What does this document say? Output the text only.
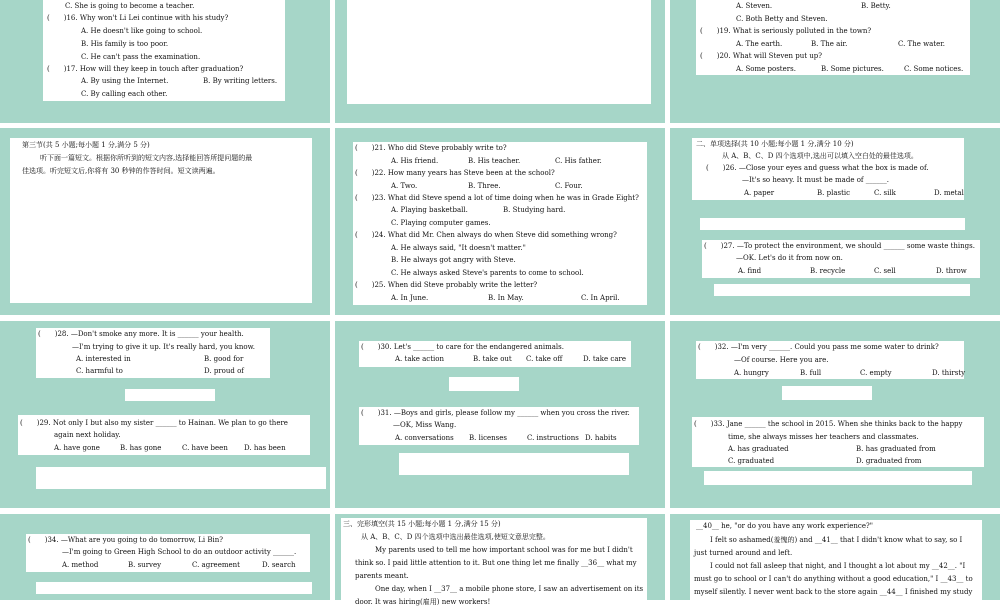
C. She is going to become a teacher.
(　　)16. Why won't Li Lei continue with his study?
A. He doesn't like going to school.
B. His family is too poor.
C. He can't pass the examination.
(　　)17. How will they keep in touch after graduation?
A. By using the Internet.	B. By writing letters.
C. By calling each other.
A. Steven.	B. Betty.
C. Both Betty and Steven.
(　　)19. What is seriously polluted in the town?
A. The earth.	B. The air.	C. The water.
(　　)20. What will Steven put up?
A. Some posters.	B. Some pictures.	C. Some notices.
第三节(共 5 小题;每小题 1 分,满分 5 分)
听下面一篇短文。根据你所听到的短文内容,选择能回答所提问题的最
佳选项。听完短文后,你将有 30 秒钟的作答时间。短文读两遍。
(　　)21. Who did Steve probably write to?
A. His friend.	B. His teacher.	C. His father.
(　　)22. How many years has Steve been at the school?
A. Two.	B. Three.	C. Four.
(　　)23. What did Steve spend a lot of time doing when he was in Grade Eight?
A. Playing basketball.	B. Studying hard.
C. Playing computer games.
(　　)24. What did Mr. Chen always do when Steve did something wrong?
A. He always said, "It doesn't matter."
B. He always got angry with Steve.
C. He always asked Steve's parents to come to school.
(　　)25. When did Steve probably write the letter?
A. In June.	B. In May.	C. In April.
二、单项选择(共 10 小题;每小题 1 分,满分 10 分)
从 A、B、C、D 四个选项中,选出可以填入空白处的最佳选项。
(　　)26. —Close your eyes and guess what the box is made of.
—It's so heavy. It must be made of ______.
A. paper	B. plastic	C. silk	D. metal
(　　)27. —To protect the environment, we should ______ some waste things.
—OK. Let's do it from now on.
A. find	B. recycle	C. sell	D. throw
(　　)28. —Don't smoke any more. It is ______ your health.
—I'm trying to give it up. It's really hard, you know.
A. interested in	B. good for
C. harmful to	D. proud of
(　　)29. Not only I but also my sister ______ to Hainan. We plan to go there
again next holiday.
A. have gone	B. has gone	C. have been D. has been
(　　)30. Let's ______ to care for the endangered animals.
A. take action	B. take out C. take off	D. take care
(　　)31. —Boys and girls, please follow my ______ when you cross the river.
—OK, Miss Wang.
A. conversations B. licenses	C. instructions D. habits
(　　)32. —I'm very ______. Could you pass me some water to drink?
—Of course. Here you are.
A. hungry	B. full	C. empty	D. thirsty
(　　)33. Jane ______ the school in 2015. When she thinks back to the happy
time, she always misses her teachers and classmates.
A. has graduated	B. has graduated from
C. graduated	D. graduated from
(　　)34. —What are you going to do tomorrow, Li Bin?
—I'm going to Green High School to do an outdoor activity ______.
A. method	B. survey	C. agreement	D. search
三、完形填空(共 15 小题;每小题 1 分,满分 15 分)
从 A、B、C、D 四个选项中选出最佳选项,使短文意思完整。
My parents used to tell me how important school was for me but I didn't
think so. I paid little attention to it. But one thing let me finally __36__ what my
parents meant.
One day, when I __37__ a mobile phone store, I saw an advertisement on its
door. It was hiring(雇用) new workers!
__40__ he, "or do you have any work experience?"
I felt so ashamed(羞愧的) and __41__ that I didn't know what to say, so I
just turned around and left.
I could not fall asleep that night, and I thought a lot about my __42__. "I
must go to school or I can't do anything without a good education," I __43__ to
myself silently. I never went back to the store again __44__ I finished my study
